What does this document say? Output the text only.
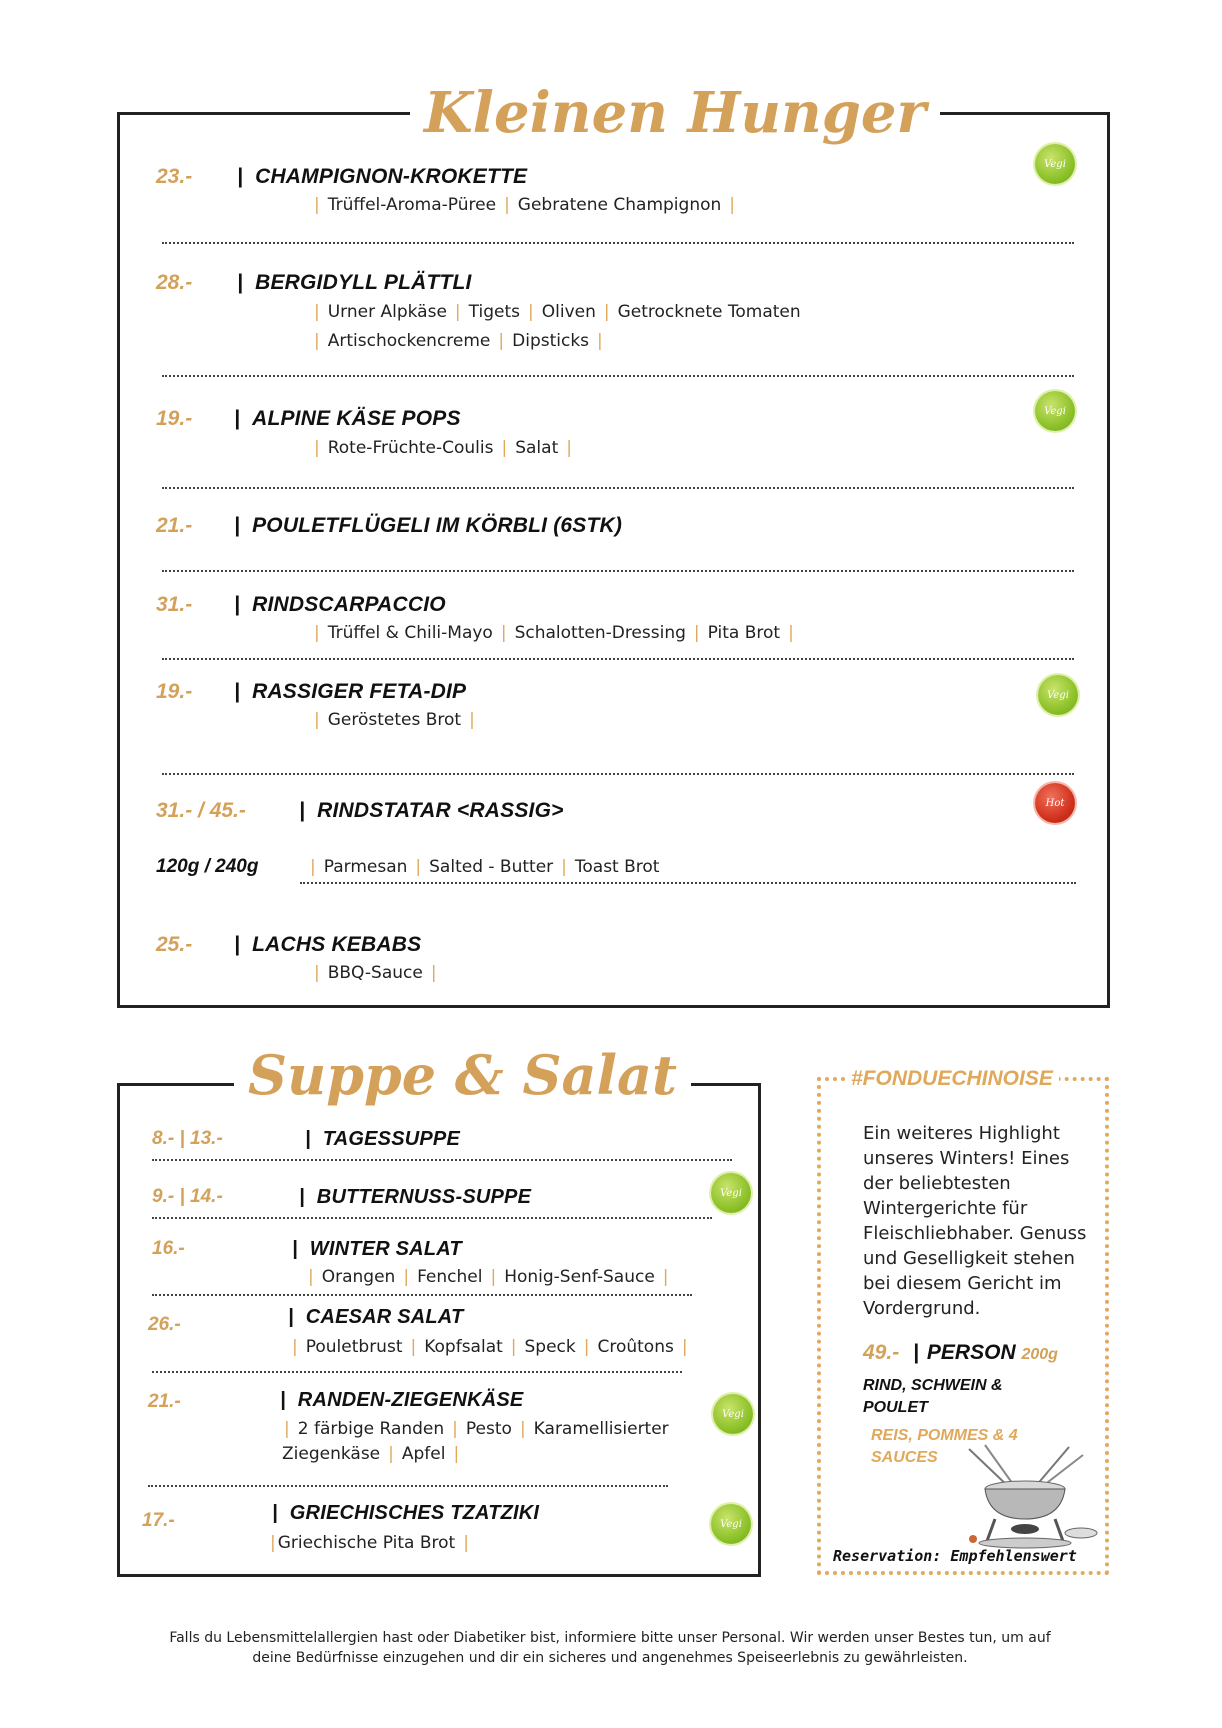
Kleinen Hunger
23.- | CHAMPIGNON-KROKETTE
| Trüffel-Aroma-Püree | Gebratene Champignon |
Vegi
28.- | BERGIDYLL PLÄTTLI
| Urner Alpkäse | Tigets | Oliven | Getrocknete Tomaten
| Artischockencreme | Dipsticks |
19.- | ALPINE KÄSE POPS
| Rote-Früchte-Coulis | Salat |
Vegi
21.- | POULETFLÜGELI IM KÖRBLI (6STK)
31.- | RINDSCARPACCIO
| Trüffel & Chili-Mayo | Schalotten-Dressing | Pita Brot |
19.- | RASSIGER FETA-DIP
| Geröstetes Brot |
Vegi
31.- / 45.-	| RINDSTATAR <RASSIG>	Hot
120g / 240g	| Parmesan | Salted - Butter | Toast Brot
25.- | LACHS KEBABS
| BBQ-Sauce |
Suppe & Salat
8.- | 13.-	| TAGESSUPPE
9.- | 14.-	| BUTTERNUSS-SUPPE	Vegi
16.-	| WINTER SALAT
| Orangen | Fenchel | Honig-Senf-Sauce |
26.-	| CAESAR SALAT
| Pouletbrust | Kopfsalat | Speck | Croûtons |
21.-	| RANDEN-ZIEGENKÄSE
| 2 färbige Randen | Pesto | Karamellisierter
Ziegenkäse | Apfel |
Vegi
17.-	| GRIECHISCHES TZATZIKI
| Griechische Pita Brot |
Vegi
#FONDUECHINOISE
Ein weiteres Highlight unseres Winters! Eines der beliebtesten Wintergerichte für Fleischliebhaber. Genuss und Geselligkeit stehen bei diesem Gericht im Vordergrund.
49.- | PERSON 200g
RIND, SCHWEIN & POULET
REIS, POMMES & 4 SAUCES
Reservation: Empfehlenswert
Falls du Lebensmittelallergien hast oder Diabetiker bist, informiere bitte unser Personal. Wir werden unser Bestes tun, um auf
deine Bedürfnisse einzugehen und dir ein sicheres und angenehmes Speiseerlebnis zu gewährleisten.
